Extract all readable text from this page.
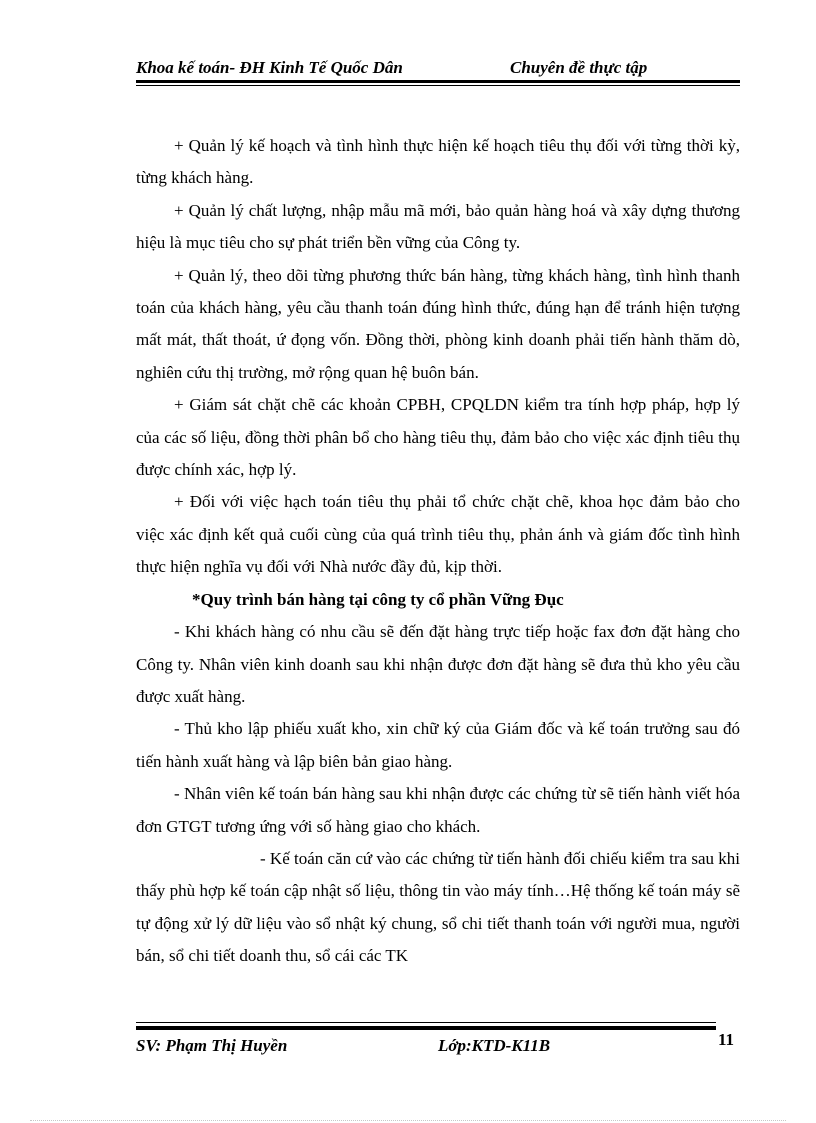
Khoa kế toán- ĐH Kinh Tế Quốc Dân	Chuyên đề thực tập

+ Quản lý kế hoạch và tình hình thực hiện kế hoạch tiêu thụ đối với từng thời kỳ, từng khách hàng.

+ Quản lý chất lượng, nhập mẫu mã mới, bảo quản hàng hoá và xây dựng thương hiệu là mục tiêu cho sự phát triển bền vững của Công ty.

+ Quản lý, theo dõi từng phương thức bán hàng, từng khách hàng, tình hình thanh toán của khách hàng, yêu cầu thanh toán đúng hình thức, đúng hạn để tránh hiện tượng mất mát, thất thoát, ứ đọng vốn. Đồng thời, phòng kinh doanh phải tiến hành thăm dò, nghiên cứu thị trường, mở rộng quan hệ buôn bán.

+ Giám sát chặt chẽ các khoản CPBH, CPQLDN kiểm tra tính hợp pháp, hợp lý của các số liệu, đồng thời phân bổ cho hàng tiêu thụ, đảm bảo cho việc xác định tiêu thụ được chính xác, hợp lý.

+ Đối với việc hạch toán tiêu thụ phải tổ chức chặt chẽ, khoa học đảm bảo cho việc xác định kết quả cuối cùng của quá trình tiêu thụ, phản ánh và giám đốc tình hình thực hiện nghĩa vụ đối với Nhà nước đầy đủ, kịp thời.

*Quy trình bán hàng tại công ty cổ phần Vững Đục

- Khi khách hàng có nhu cầu sẽ đến đặt hàng trực tiếp hoặc fax đơn đặt hàng cho Công ty. Nhân viên kinh doanh sau khi nhận được đơn đặt hàng sẽ đưa thủ kho yêu cầu được xuất hàng.

- Thủ kho lập phiếu xuất kho, xin chữ ký của Giám đốc và kế toán trưởng sau đó tiến hành xuất hàng và lập biên bản giao hàng.

- Nhân viên kế toán bán hàng sau khi nhận được các chứng từ sẽ tiến hành viết hóa đơn GTGT tương ứng với số hàng giao cho khách.

- Kế toán căn cứ vào các chứng từ tiến hành đối chiếu kiểm tra sau khi thấy phù hợp kế toán cập nhật số liệu, thông tin vào máy tính…Hệ thống kế toán máy sẽ tự động xử lý dữ liệu vào sổ nhật ký chung, sổ chi tiết thanh toán với người mua, người bán, sổ chi tiết doanh thu, sổ cái các TK

SV: Phạm Thị Huyền	Lớp:KTD-K11B	11
